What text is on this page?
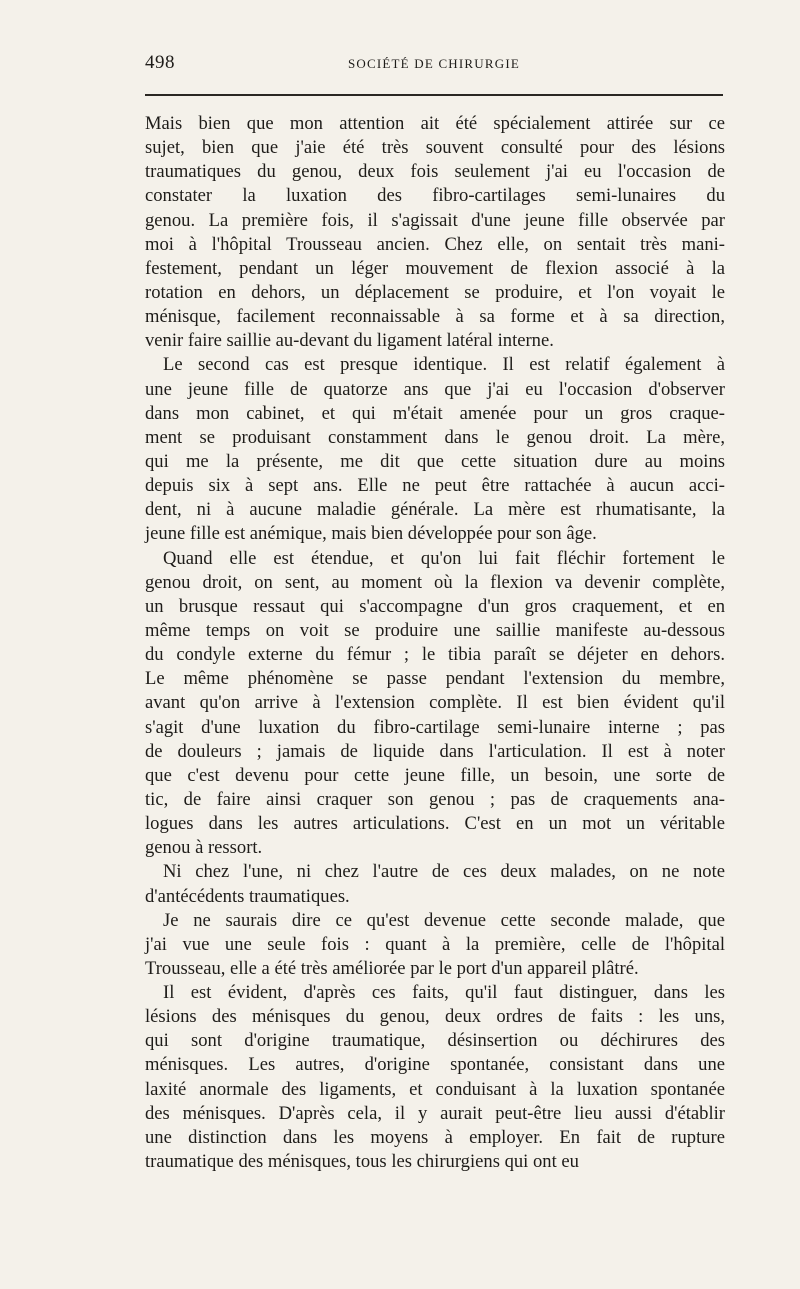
498	SOCIÉTÉ DE CHIRURGIE
Mais bien que mon attention ait été spécialement attirée sur ce
sujet, bien que j'aie été très souvent consulté pour des lésions
traumatiques du genou, deux fois seulement j'ai eu l'occasion de
constater la luxation des fibro-cartilages semi-lunaires du
genou. La première fois, il s'agissait d'une jeune fille observée par
moi à l'hôpital Trousseau ancien. Chez elle, on sentait très mani-
festement, pendant un léger mouvement de flexion associé à la
rotation en dehors, un déplacement se produire, et l'on voyait le
ménisque, facilement reconnaissable à sa forme et à sa direction,
venir faire saillie au-devant du ligament latéral interne.
Le second cas est presque identique. Il est relatif également à
une jeune fille de quatorze ans que j'ai eu l'occasion d'observer
dans mon cabinet, et qui m'était amenée pour un gros craque-
ment se produisant constamment dans le genou droit. La mère,
qui me la présente, me dit que cette situation dure au moins
depuis six à sept ans. Elle ne peut être rattachée à aucun acci-
dent, ni à aucune maladie générale. La mère est rhumatisante, la
jeune fille est anémique, mais bien développée pour son âge.
Quand elle est étendue, et qu'on lui fait fléchir fortement le
genou droit, on sent, au moment où la flexion va devenir complète,
un brusque ressaut qui s'accompagne d'un gros craquement, et en
même temps on voit se produire une saillie manifeste au-dessous
du condyle externe du fémur ; le tibia paraît se déjeter en dehors.
Le même phénomène se passe pendant l'extension du membre,
avant qu'on arrive à l'extension complète. Il est bien évident qu'il
s'agit d'une luxation du fibro-cartilage semi-lunaire interne ; pas
de douleurs ; jamais de liquide dans l'articulation. Il est à noter
que c'est devenu pour cette jeune fille, un besoin, une sorte de
tic, de faire ainsi craquer son genou ; pas de craquements ana-
logues dans les autres articulations. C'est en un mot un véritable
genou à ressort.
Ni chez l'une, ni chez l'autre de ces deux malades, on ne note
d'antécédents traumatiques.
Je ne saurais dire ce qu'est devenue cette seconde malade, que
j'ai vue une seule fois : quant à la première, celle de l'hôpital
Trousseau, elle a été très améliorée par le port d'un appareil plâtré.
Il est évident, d'après ces faits, qu'il faut distinguer, dans les
lésions des ménisques du genou, deux ordres de faits : les uns,
qui sont d'origine traumatique, désinsertion ou déchirures des
ménisques. Les autres, d'origine spontanée, consistant dans une
laxité anormale des ligaments, et conduisant à la luxation spontanée
des ménisques. D'après cela, il y aurait peut-être lieu aussi d'établir
une distinction dans les moyens à employer. En fait de rupture
traumatique des ménisques, tous les chirurgiens qui ont eu
